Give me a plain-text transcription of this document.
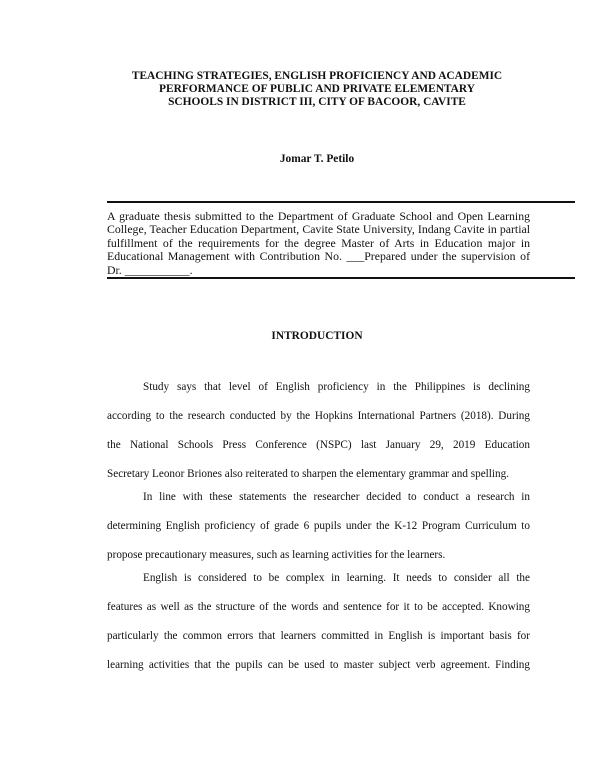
TEACHING STRATEGIES, ENGLISH PROFICIENCY AND ACADEMIC
PERFORMANCE OF PUBLIC AND PRIVATE ELEMENTARY
SCHOOLS IN DISTRICT III, CITY OF BACOOR, CAVITE

Jomar T. Petilo

A graduate thesis submitted to the Department of Graduate School and Open Learning
College, Teacher Education Department, Cavite State University, Indang Cavite in partial
fulfillment of the requirements for the degree Master of Arts in Education major in
Educational Management with Contribution No. ___Prepared under the supervision of
Dr. ___________.

INTRODUCTION

Study says that level of English proficiency in the Philippines is declining
according to the research conducted by the Hopkins International Partners (2018). During
the National Schools Press Conference (NSPC) last January 29, 2019 Education
Secretary Leonor Briones also reiterated to sharpen the elementary grammar and spelling.

In line with these statements the researcher decided to conduct a research in
determining English proficiency of grade 6 pupils under the K-12 Program Curriculum to
propose precautionary measures, such as learning activities for the learners.

English is considered to be complex in learning. It needs to consider all the
features as well as the structure of the words and sentence for it to be accepted. Knowing
particularly the common errors that learners committed in English is important basis for
learning activities that the pupils can be used to master subject verb agreement. Finding
